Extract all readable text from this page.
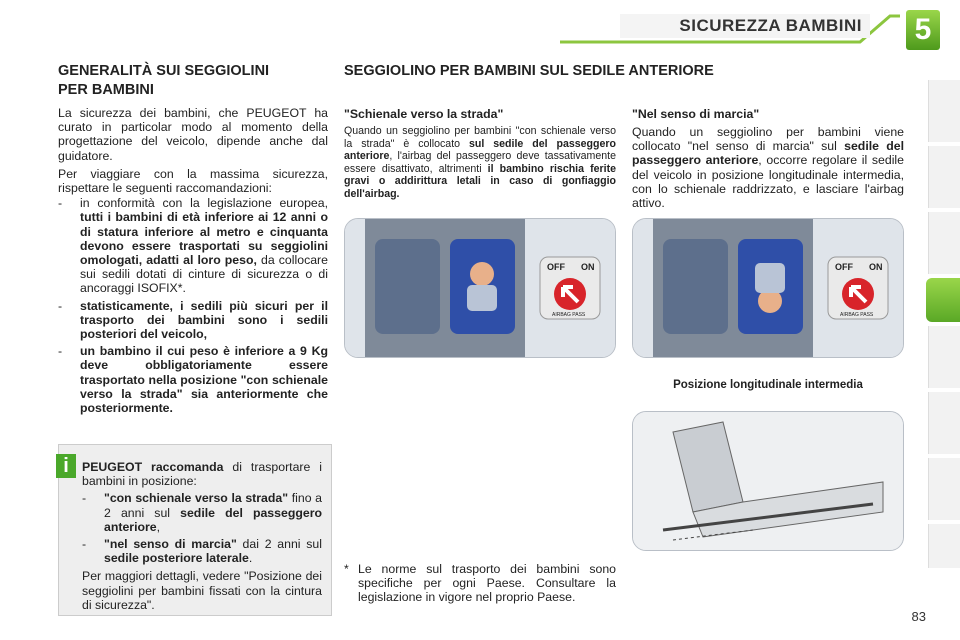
SICUREZZA BAMBINI 5
GENERALITÀ SUI SEGGIOLINI
PER BAMBINI
La sicurezza dei bambini, che PEUGEOT ha curato in particolar modo al momento della progettazione del veicolo, dipende anche dal guidatore.
Per viaggiare con la massima sicurezza, rispettare le seguenti raccomandazioni:
- in conformità con la legislazione europea, tutti i bambini di età inferiore ai 12 anni o di statura inferiore al metro e cinquanta devono essere trasportati su seggiolini omologati, adatti al loro peso, da collocare sui sedili dotati di cinture di sicurezza o di ancoraggi ISOFIX*.
- statisticamente, i sedili più sicuri per il trasporto dei bambini sono i sedili posteriori del veicolo,
- un bambino il cui peso è inferiore a 9 Kg deve obbligatoriamente essere trasportato nella posizione "con schienale verso la strada" sia anteriormente che posteriormente.
i	PEUGEOT raccomanda di trasportare i bambini in posizione:
- "con schienale verso la strada" fino a 2 anni sul sedile del passeggero anteriore,
- "nel senso di marcia" dai 2 anni sul sedile posteriore laterale.
Per maggiori dettagli, vedere "Posizione dei seggiolini per bambini fissati con la cintura di sicurezza".
SEGGIOLINO PER BAMBINI SUL SEDILE ANTERIORE
"Schienale verso la strada"
Quando un seggiolino per bambini "con schienale verso la strada" è collocato sul sedile del passeggero anteriore, l'airbag del passeggero deve tassativamente essere disattivato, altrimenti il bambino rischia ferite gravi o addirittura letali in caso di gonfiaggio dell'airbag.
"Nel senso di marcia"
Quando un seggiolino per bambini viene collocato "nel senso di marcia" sul sedile del passeggero anteriore, occorre regolare il sedile del veicolo in posizione longitudinale intermedia, con lo schienale raddrizzato, e lasciare l'airbag attivo.
OFF ON
AIRBAG PASS
OFF ON
AIRBAG PASS
Posizione longitudinale intermedia
* Le norme sul trasporto dei bambini sono specifiche per ogni Paese. Consultare la legislazione in vigore nel proprio Paese.
83
